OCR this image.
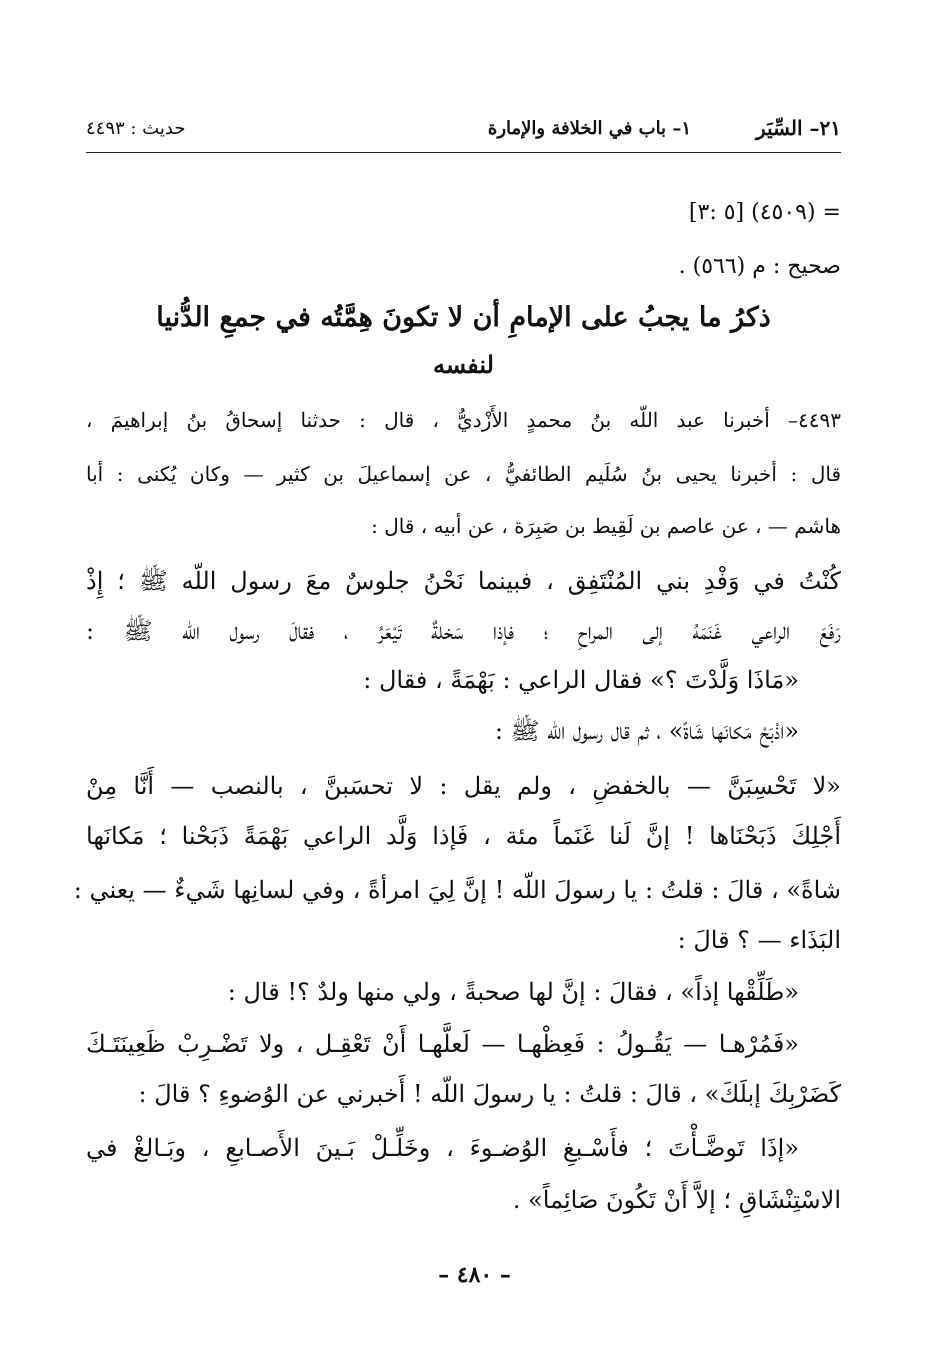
٢١– السِّيَر
١– باب في الخلافة والإمارة
حديث : ٤٤٩٣
= (٤٥٠٩) [٥ :٣]
صحيح : م (٥٦٦) .
ذكرُ ما يجبُ على الإمامِ أن لا تكونَ هِمَّتُه في جمعِ الدُّنيا
لنفسه
٤٤٩٣– أخبرنا عبد اللّه بنُ محمدٍ الأَزْديُّ ، قال : حدثنا إسحاقُ بنُ إبراهيمَ ،
قال : أخبرنا يحيى بنُ سُلَيم الطائفيُّ ، عن إسماعيلَ بن كثير — وكان يُكنى : أبا
هاشم — ، عن عاصم بن لَقِيط بن صَبِرَة ، عن أبيه ، قال :
كُنْتُ في وَفْدِ بني المُنْتَفِق ، فبينما نَحْنُ جلوسٌ معَ رسول اللّه ﷺ ؛ إِذْ
رَفَعَ الراعي غَنَمَهُ إلى المراحِ ؛ فإذا سَخلةٌ تَيْعَرُ ، فقالَ رسول اللّه ﷺ :
«مَاذَا وَلَّدْتَ ؟» فقال الراعي : بَهْمَةً ، فقال :
«اذْبَحْ مَكانَها شَاةً» ، ثم قال رسول اللّه ﷺ :
«لا تَحْسِبَنَّ — بالخفضِ ، ولم يقل : لا تحسَبنَّ ، بالنصب — أَنَّا مِنْ
أَجْلِكَ ذَبَحْنَاها ! إنَّ لَنا غَنَماً مئة ، فَإذا وَلَّد الراعي بَهْمَةً ذَبَحْنا ؛ مَكانَها
شاةً» ، قالَ : قلتُ : يا رسولَ اللّه ! إنَّ لِيَ امرأةً ، وفي لسانِها شَيءٌ — يعني :
البَذَاء — ؟ قالَ :
«طَلِّقْها إذاً» ، فقالَ : إنَّ لها صحبةً ، ولي منها ولدٌ ؟! قال :
«فَمُرْهـا — يَقُـولُ : فَعِظْهـا — لَعلَّهـا أَنْ تَعْقِـل ، ولا تَضْـرِبْ ظَعِينَتَـكَ
كَضَرْبِكَ إبلَكَ» ، قالَ : قلتُ : يا رسولَ اللّه ! أَخبرني عن الوُضوءِ ؟ قالَ :
«إذَا تَوضَّـأْتَ ؛ فأَسْـبغِ الوُضـوءَ ، وخَلِّـلْ بَـينَ الأَصـابعِ ، وبَـالغْ في
الاسْتِنْشَاقِ ؛ إلاَّ أَنْ تَكُونَ صَائِماً» .
– ٤٨٠ –
